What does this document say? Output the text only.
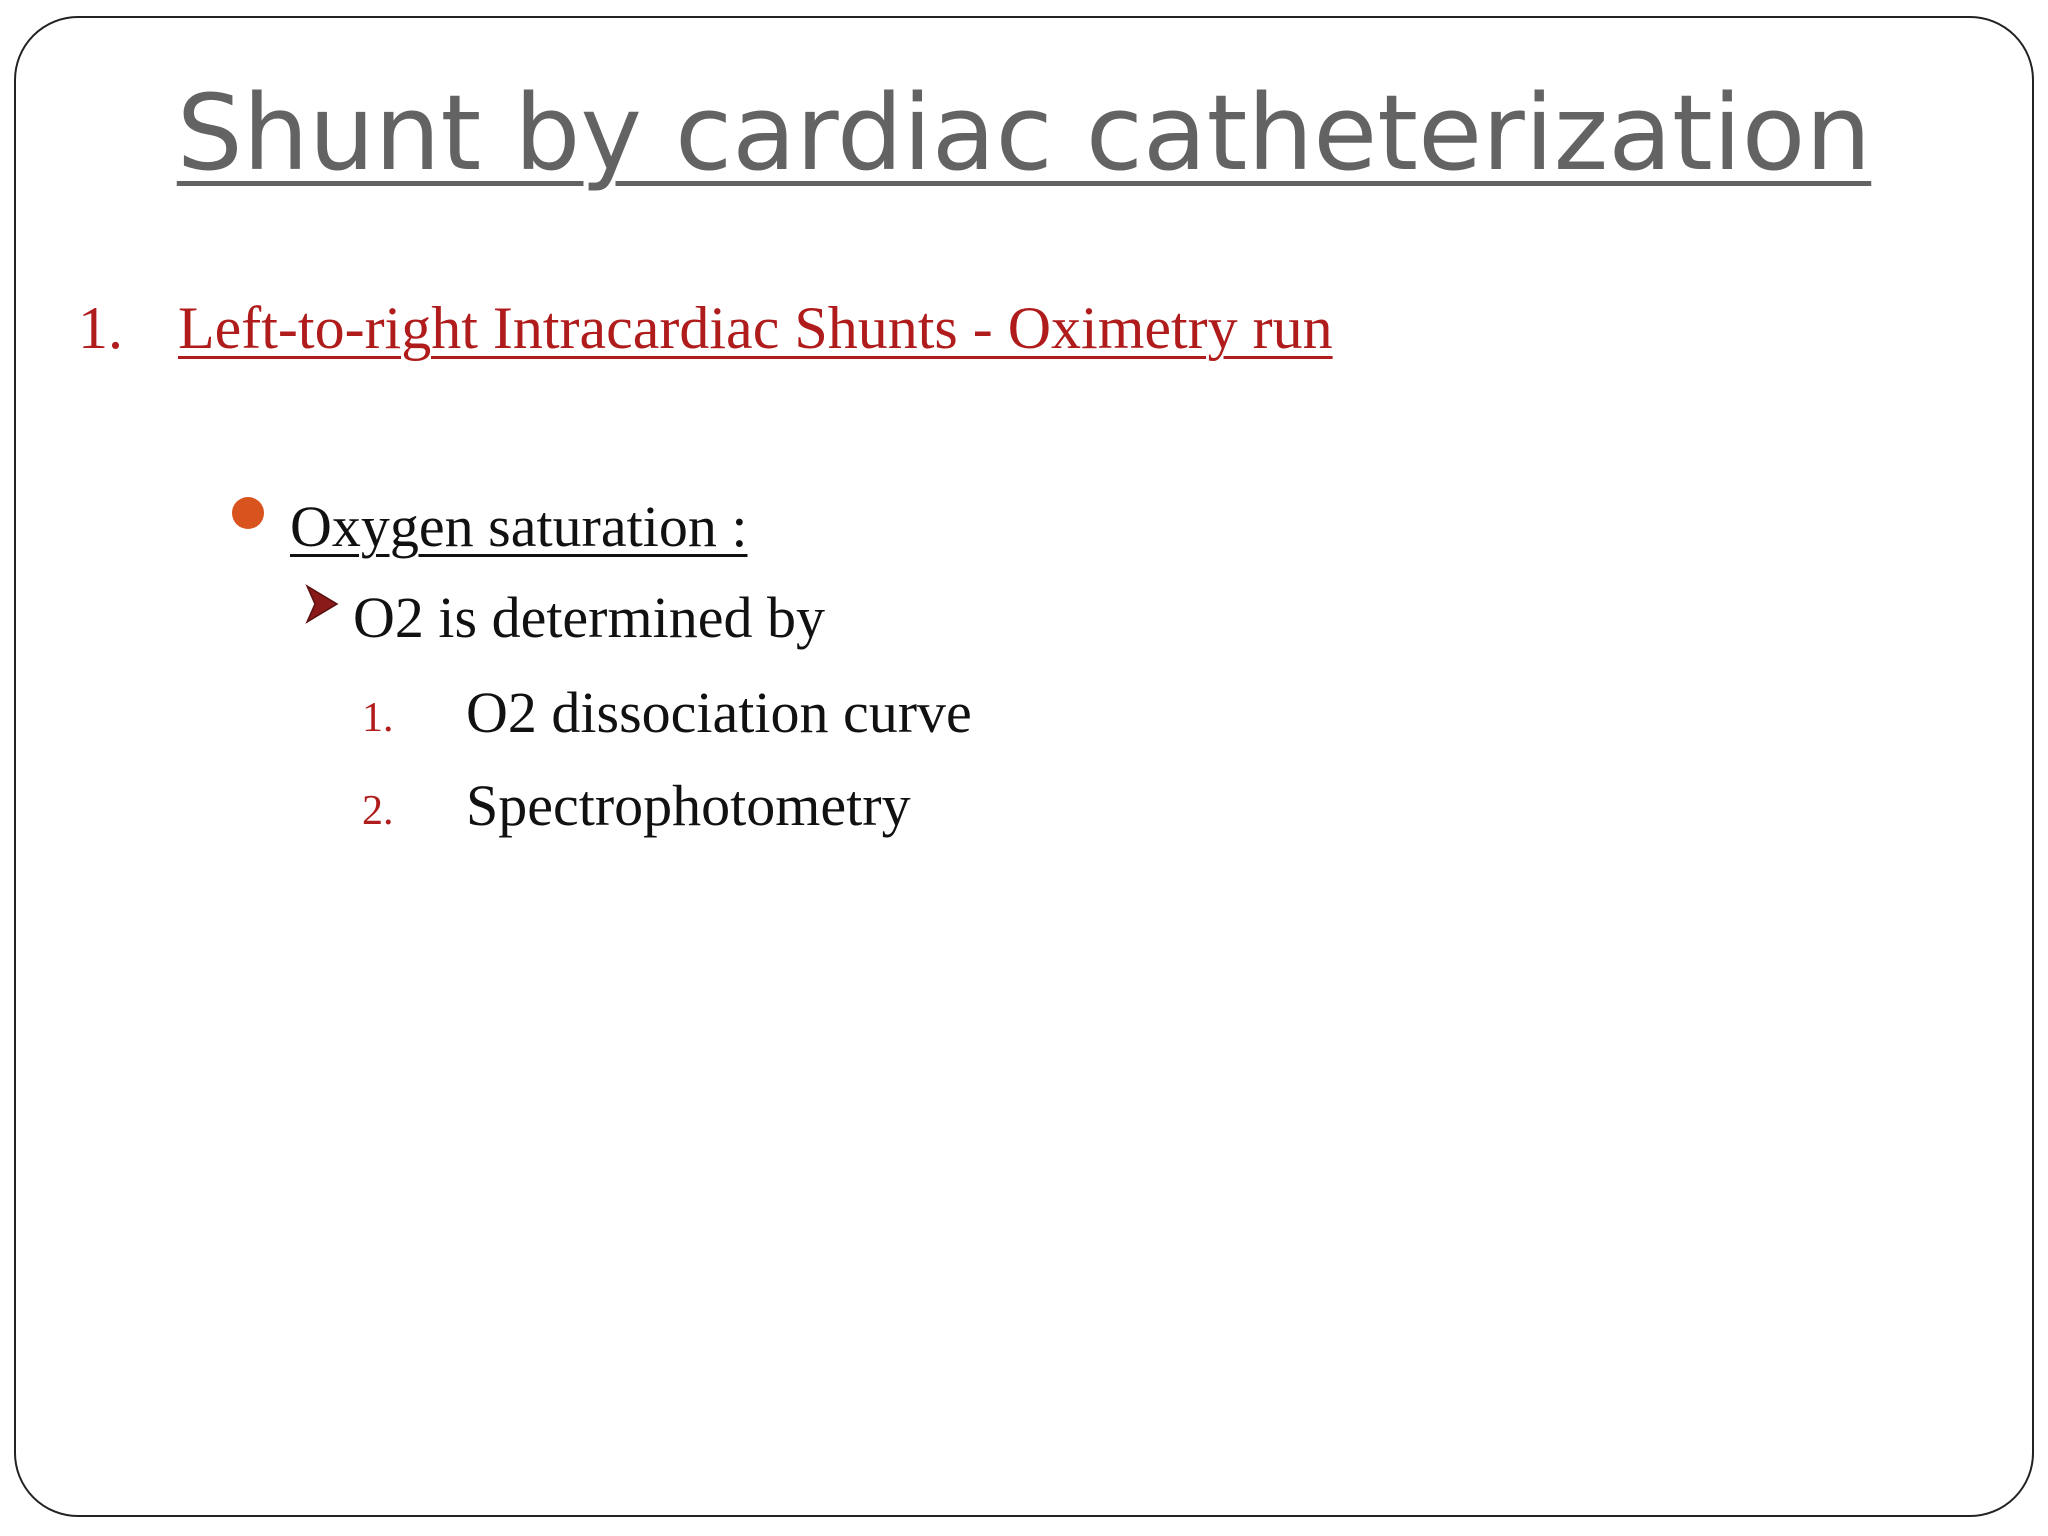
Shunt by cardiac catheterization
1. Left-to-right Intracardiac Shunts - Oximetry run
Oxygen saturation :
O2 is determined by
1. O2 dissociation curve
2. Spectrophotometry
